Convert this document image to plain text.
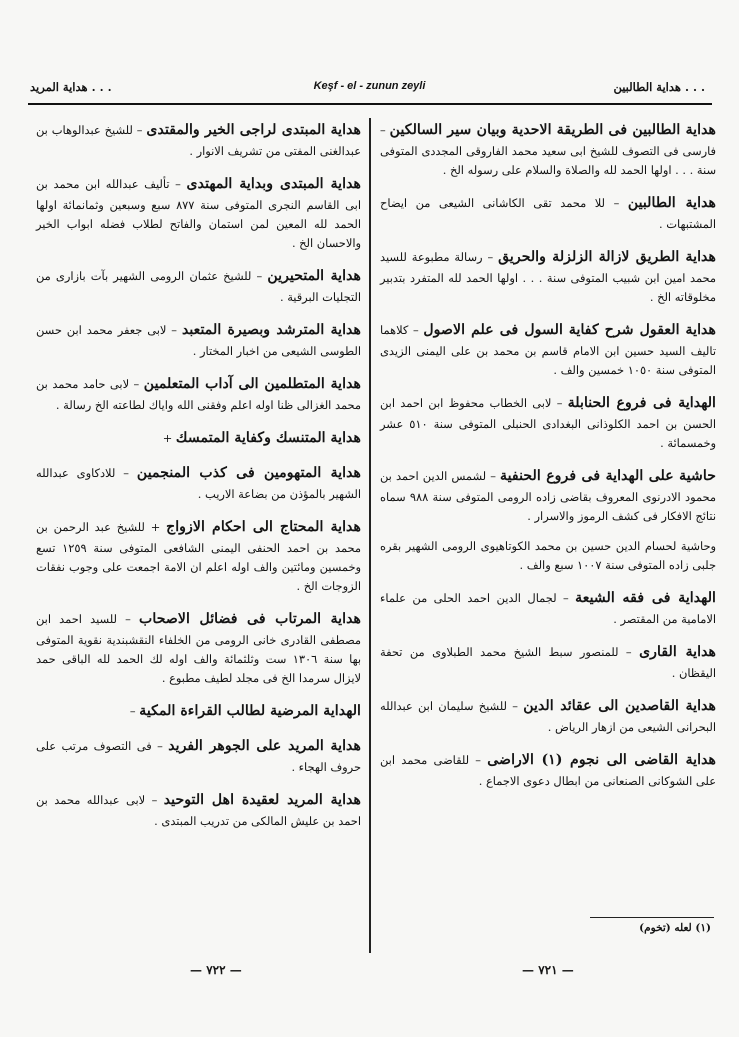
هداية المريد . . .	Keşf - el - zunun zeyli	هداية الطالبين . . .
هداية الطالبين فى الطريقة الاحدية وبيان سير السالكين – فارسى فى التصوف للشيخ ابى سعيد محمد الفاروقى المجددى المتوفى سنة . . . اولها الحمد لله والصلاة والسلام على رسوله الخ .
هداية الطالبين – للا محمد تقى الكاشانى الشيعى من ايضاح المشتبهات .
هداية الطريق لازالة الزلزلة والحريق – رسالة مطبوعة للسيد محمد امين ابن شبيب المتوفى سنة . . . اولها الحمد لله المتفرد بتدبير مخلوقاته الخ .
هداية العقول شرح كفاية السول فى علم الاصول – كلاهما تاليف السيد حسين ابن الامام قاسم بن محمد بن على اليمنى الزيدى المتوفى سنة ١٠٥٠ خمسين والف .
الهداية فى فروع الحنابلة – لابى الخطاب محفوظ ابن احمد ابن الحسن بن احمد الكلوذانى البغدادى الحنبلى المتوفى سنة ٥١٠ عشر وخمسمائة .
حاشية على الهداية فى فروع الحنفية – لشمس الدين احمد بن محمود الادرنوى المعروف بقاضى زاده الرومى المتوفى سنة ٩٨٨ سماه نتائج الافكار فى كشف الرموز والاسرار .
وحاشية لحسام الدين حسين بن محمد الكوتاهيوى الرومى الشهير بقره جلبى زاده المتوفى سنة ١٠٠٧ سبع والف .
الهداية فى فقه الشيعة – لجمال الدين احمد الحلى من علماء الامامية من المقتصر .
هداية القارى – للمنصور سبط الشيخ محمد الطبلاوى من تحفة اليقظان .
هداية القاصدين الى عقائد الدين – للشيخ سليمان ابن عبدالله البحرانى الشيعى من ازهار الرياض .
هداية القاضى الى نجوم (١) الاراضى – للقاضى محمد ابن على الشوكانى الصنعانى من ابطال دعوى الاجماع .
هداية المبتدى لراجى الخير والمقتدى – للشيخ عبدالوهاب بن عبدالغنى المفتى من تشريف الانوار .
هداية المبتدى وبداية المهتدى – تأليف عبدالله ابن محمد بن ابى القاسم النجرى المتوفى سنة ٨٧٧ سبع وسبعين وثمانمائة اولها الحمد لله المعين لمن استمان والفاتح لطلاب فضله ابواب الخير والاحسان الخ .
هداية المتحيرين – للشيخ عثمان الرومى الشهير بآت بازارى من التجليات البرقية .
هداية المترشد وبصيرة المتعبد – لابى جعفر محمد ابن حسن الطوسى الشيعى من اخبار المختار .
هداية المتطلمين الى آداب المتعلمين – لابى حامد محمد بن محمد الغزالى ظنا اوله اعلم وفقنى الله واياك لطاعته الخ رسالة .
هداية المتنسك وكفاية المتمسك +
هداية المتهومين فى كذب المنجمين – للادكاوى عبدالله الشهير بالمؤذن من بضاعة الاريب .
هداية المحتاج الى احكام الازواج + للشيخ عبد الرحمن بن محمد بن احمد الحنفى اليمنى الشافعى المتوفى سنة ١٢٥٩ تسع وخمسين ومائتين والف اوله اعلم ان الامة اجمعت على وجوب نفقات الزوجات الخ .
هداية المرتاب فى فضائل الاصحاب – للسيد احمد ابن مصطفى القادرى خانى الرومى من الخلفاء النقشبندية نقوية المتوفى بها سنة ١٣٠٦ ست وثلثمائة والف اوله لك الحمد لله الباقى حمد لايزال سرمدا الخ فى مجلد لطيف مطبوع .
الهداية المرضية لطالب القراءة المكية –
هداية المريد على الجوهر الفريد – فى التصوف مرتب على حروف الهجاء .
هداية المريد لعقيدة اهل التوحيد – لابى عبدالله محمد بن احمد بن عليش المالكى من تدريب المبتدى .
(١) لعله (تخوم)
— ٧٢٢ —	— ٧٢١ —
